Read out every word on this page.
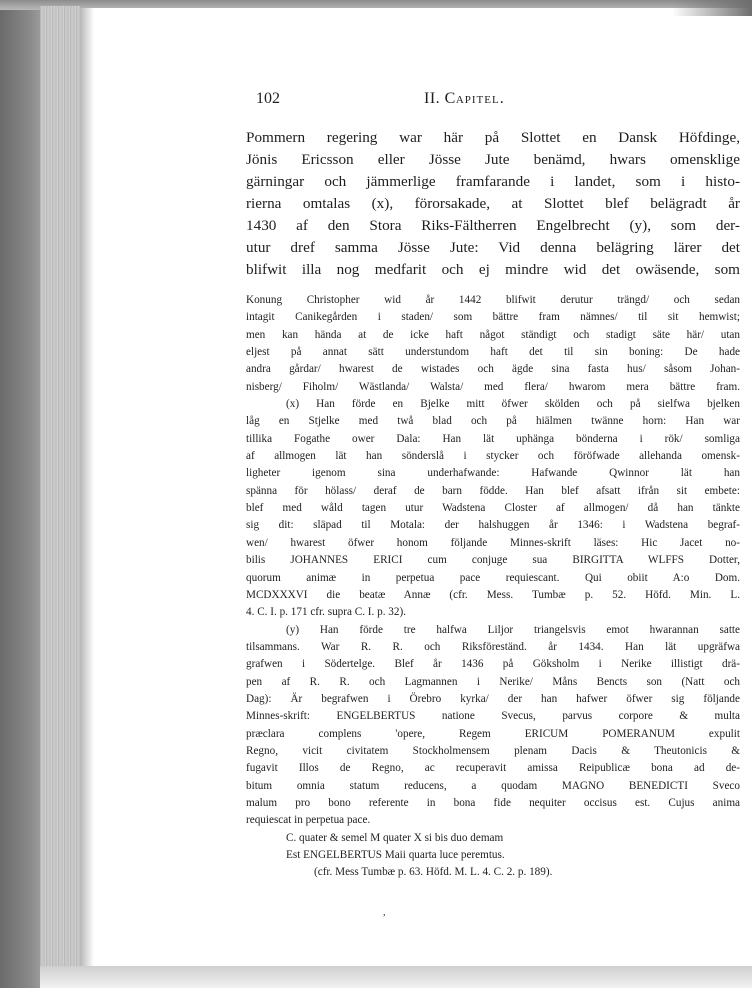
102	II. Capitel.
Pommern regering war här på Slottet en Dansk Höfdinge,
Jönis Ericsson eller Jösse Jute benämd, hwars omensklige
gärningar och jämmerlige framfarande i landet, som i histo-
rierna omtalas (x), förorsakade, at Slottet blef belägradt år
1430 af den Stora Riks-Fältherren Engelbrecht (y), som der-
utur dref samma Jösse Jute: Vid denna belägring lärer det
blifwit illa nog medfarit och ej mindre wid det owäsende, som
Konung Christopher wid år 1442 blifwit derutur trängd/ och sedan
intagit Canikegården i staden/ som bättre fram nämnes/ til sit hemwist;
men kan hända at de icke haft något ständigt och stadigt säte här/ utan
eljest på annat sätt understundom haft det til sin boning: De hade
andra gårdar/ hwarest de wistades och ägde sina fasta hus/ såsom Johan-
nisberg/ Fiholm/ Wästlanda/ Walsta/ med flera/ hwarom mera bättre fram.
(x) Han förde en Bjelke mitt öfwer skölden och på sielfwa bjelken
låg en Stjelke med twå blad och på hiälmen twänne horn: Han war
tillika Fogathe ower Dala: Han lät uphänga bönderna i rök/ somliga
af allmogen lät han sönderslå i stycker och föröfwade allehanda omensk-
ligheter igenom sina underhafwande: Hafwande Qwinnor lät han
spänna för hölass/ deraf de barn födde. Han blef afsatt ifrån sit embete:
blef med wåld tagen utur Wadstena Closter af allmogen/ då han tänkte
sig dit: släpad til Motala: der halshuggen år 1346: i Wadstena begraf-
wen/ hwarest öfwer honom följande Minnes-skrift läses: Hic Jacet no-
bilis JOHANNES ERICI cum conjuge sua BIRGITTA WLFFS Dotter,
quorum animæ in perpetua pace requiescant. Qui obiit A:o Dom.
MCDXXXVI die beatæ Annæ (cfr. Mess. Tumbæ p. 52. Höfd. Min. L.
4. C. I. p. 171 cfr. supra C. I. p. 32).
(y) Han förde tre halfwa Liljor triangelsvis emot hwarannan satte
tilsammans. War R. R. och Riksföreständ. år 1434. Han lät upgräfwa
grafwen i Södertelge. Blef år 1436 på Göksholm i Nerike illistigt drä-
pen af R. R. och Lagmannen i Nerike/ Måns Bencts son (Natt och
Dag): Är begrafwen i Örebro kyrka/ der han hafwer öfwer sig följande
Minnes-skrift: ENGELBERTUS natione Svecus, parvus corpore & multa
præclara complens 'opere, Regem ERICUM POMERANUM expulit
Regno, vicit civitatem Stockholmensem plenam Dacis & Theutonicis &
fugavit Illos de Regno, ac recuperavit amissa Reipublicæ bona ad de-
bitum omnia statum reducens, a quodam MAGNO BENEDICTI Sveco
malum pro bono referente in bona fide nequiter occisus est. Cujus anima
requiescat in perpetua pace.
C. quater & semel M quater X si bis duo demam
Est ENGELBERTUS Maii quarta luce peremtus.
(cfr. Mess Tumbæ p. 63. Höfd. M. L. 4. C. 2. p. 189).
,
